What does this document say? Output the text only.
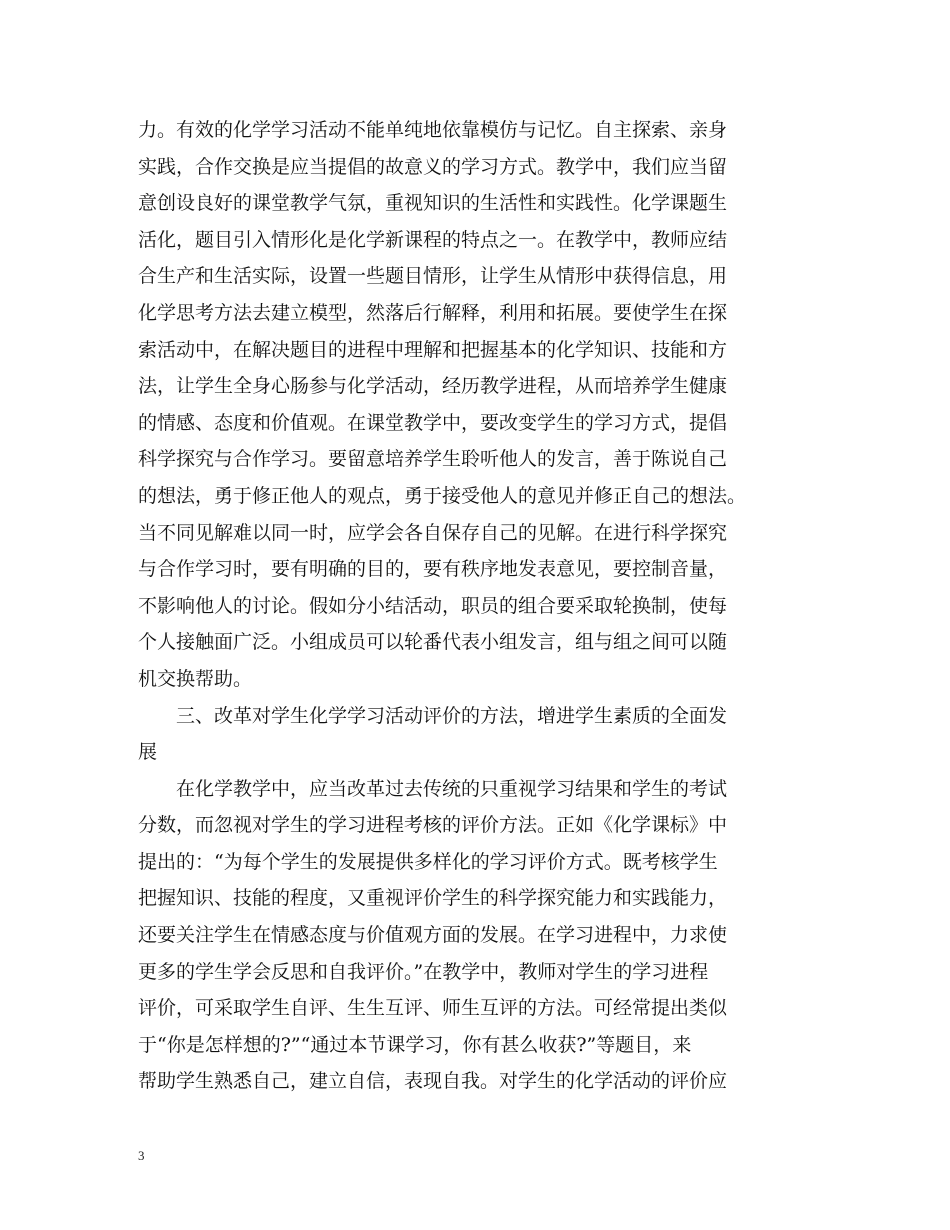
力。有效的化学学习活动不能单纯地依靠模仿与记忆。自主探索、亲身
实践，合作交换是应当提倡的故意义的学习方式。教学中，我们应当留
意创设良好的课堂教学气氛，重视知识的生活性和实践性。化学课题生
活化，题目引入情形化是化学新课程的特点之一。在教学中，教师应结
合生产和生活实际，设置一些题目情形，让学生从情形中获得信息，用
化学思考方法去建立模型，然落后行解释，利用和拓展。要使学生在探
索活动中，在解决题目的进程中理解和把握基本的化学知识、技能和方
法，让学生全身心肠参与化学活动，经历教学进程，从而培养学生健康
的情感、态度和价值观。在课堂教学中，要改变学生的学习方式，提倡
科学探究与合作学习。要留意培养学生聆听他人的发言，善于陈说自己
的想法，勇于修正他人的观点，勇于接受他人的意见并修正自己的想法。
当不同见解难以同一时，应学会各自保存自己的见解。在进行科学探究
与合作学习时，要有明确的目的，要有秩序地发表意见，要控制音量，
不影响他人的讨论。假如分小结活动，职员的组合要采取轮换制，使每
个人接触面广泛。小组成员可以轮番代表小组发言，组与组之间可以随
机交换帮助。
三、改革对学生化学学习活动评价的方法，增进学生素质的全面发
展
在化学教学中，应当改革过去传统的只重视学习结果和学生的考试
分数，而忽视对学生的学习进程考核的评价方法。正如《化学课标》中
提出的：“为每个学生的发展提供多样化的学习评价方式。既考核学生
把握知识、技能的程度，又重视评价学生的科学探究能力和实践能力，
还要关注学生在情感态度与价值观方面的发展。在学习进程中，力求使
更多的学生学会反思和自我评价。”在教学中，教师对学生的学习进程
评价，可采取学生自评、生生互评、师生互评的方法。可经常提出类似
于“你是怎样想的?”“通过本节课学习，你有甚么收获?”等题目，来
帮助学生熟悉自己，建立自信，表现自我。对学生的化学活动的评价应
3
